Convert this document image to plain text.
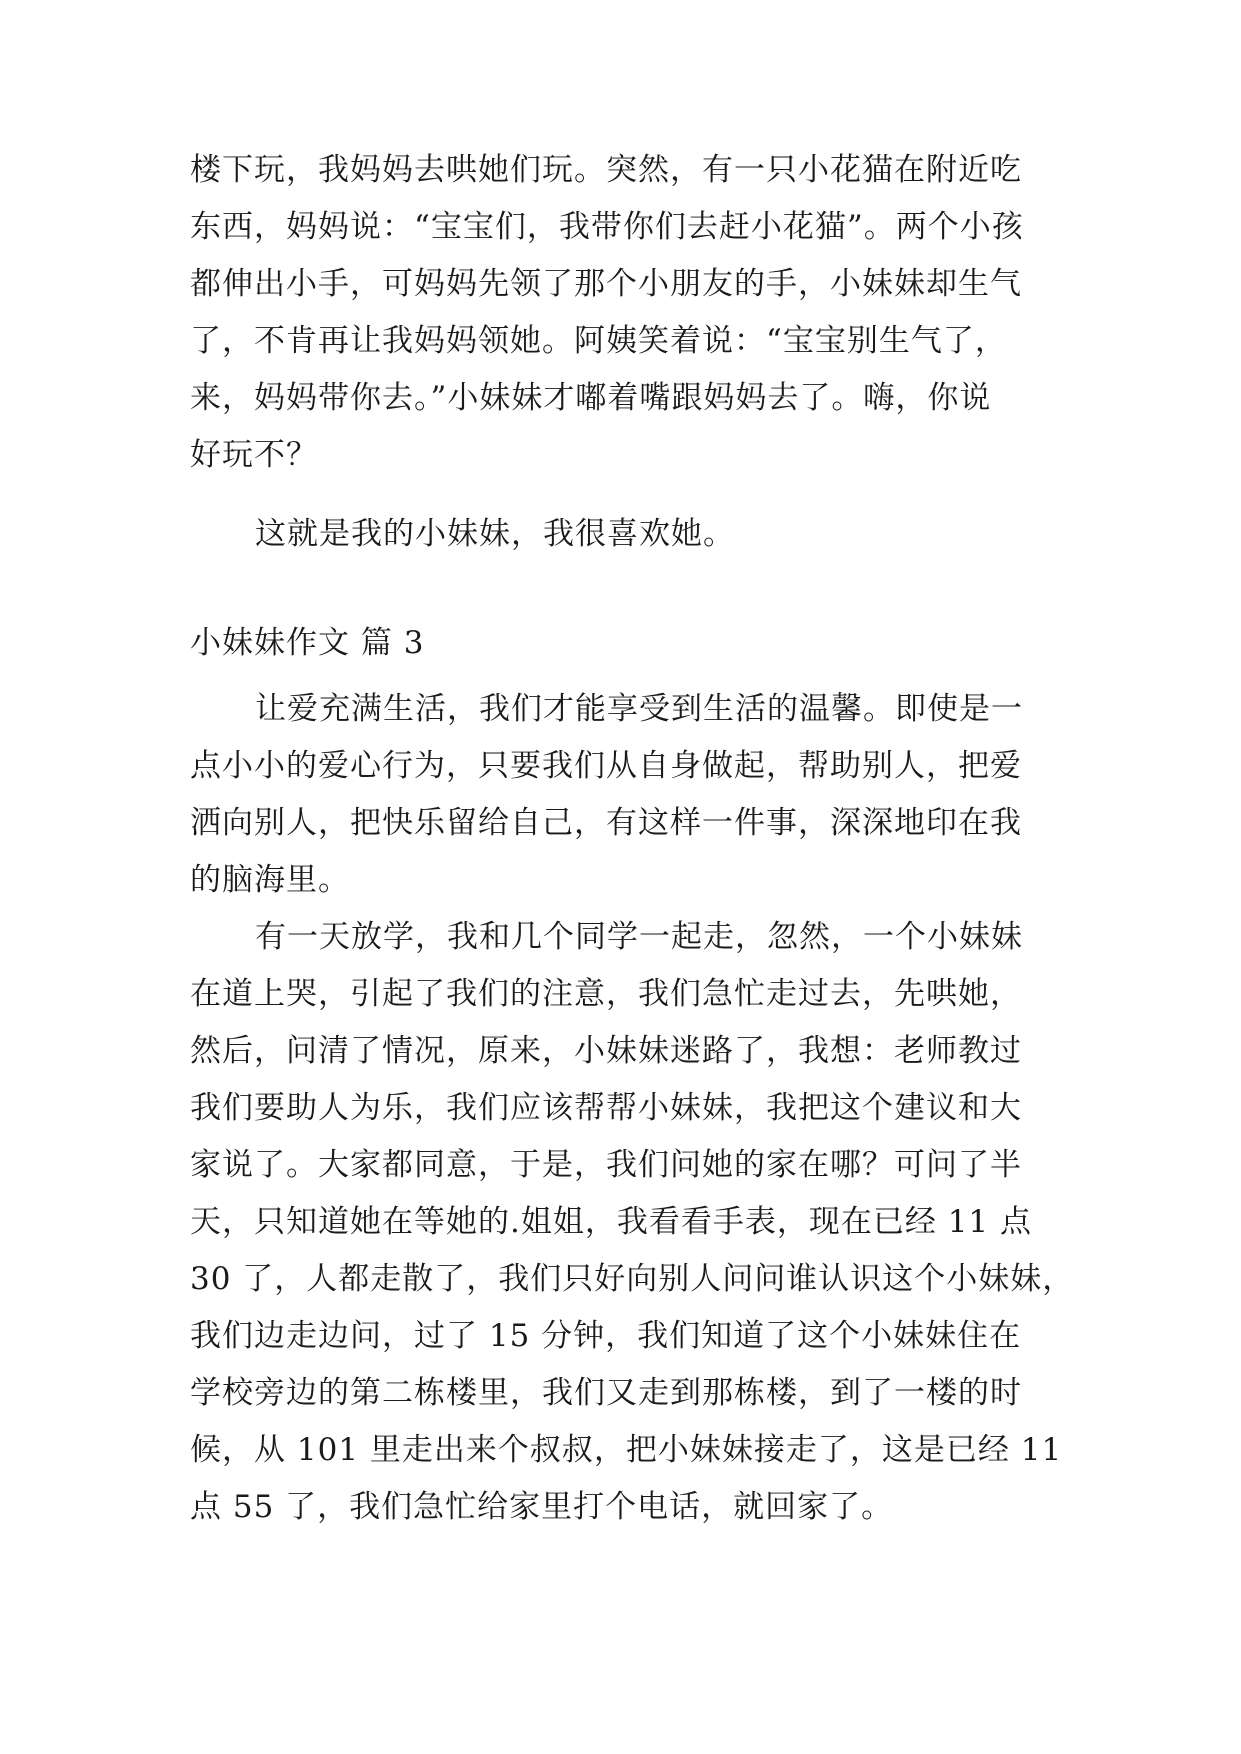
楼下玩，我妈妈去哄她们玩。突然，有一只小花猫在附近吃
东西，妈妈说：“宝宝们，我带你们去赶小花猫”。两个小孩
都伸出小手，可妈妈先领了那个小朋友的手，小妹妹却生气
了，不肯再让我妈妈领她。阿姨笑着说：“宝宝别生气了，
来，妈妈带你去。”小妹妹才嘟着嘴跟妈妈去了。嗨，你说
好玩不？
这就是我的小妹妹，我很喜欢她。
小妹妹作文 篇 3
让爱充满生活，我们才能享受到生活的温馨。即使是一
点小小的爱心行为，只要我们从自身做起，帮助别人，把爱
洒向别人，把快乐留给自己，有这样一件事，深深地印在我
的脑海里。
有一天放学，我和几个同学一起走，忽然，一个小妹妹
在道上哭，引起了我们的注意，我们急忙走过去，先哄她，
然后，问清了情况，原来，小妹妹迷路了，我想：老师教过
我们要助人为乐，我们应该帮帮小妹妹，我把这个建议和大
家说了。大家都同意，于是，我们问她的家在哪？可问了半
天，只知道她在等她的.姐姐，我看看手表，现在已经 11 点
30 了，人都走散了，我们只好向别人问问谁认识这个小妹妹，
我们边走边问，过了 15 分钟，我们知道了这个小妹妹住在
学校旁边的第二栋楼里，我们又走到那栋楼，到了一楼的时
候，从 101 里走出来个叔叔，把小妹妹接走了，这是已经 11
点 55 了，我们急忙给家里打个电话，就回家了。
